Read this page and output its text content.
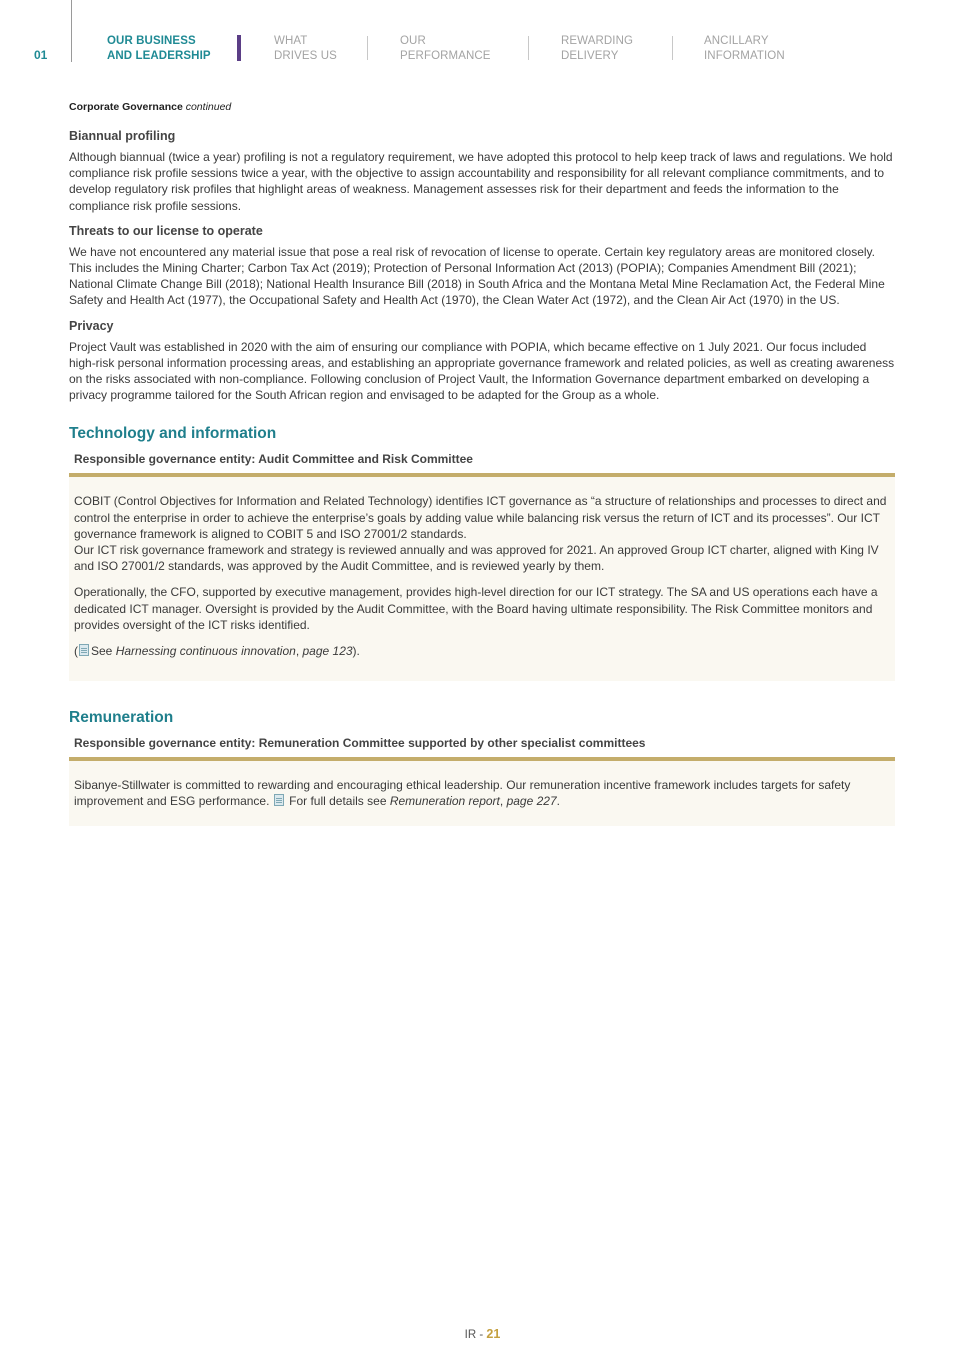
01
OUR BUSINESS
AND LEADERSHIP
WHAT
DRIVES US
OUR
PERFORMANCE
REWARDING
DELIVERY
ANCILLARY
INFORMATION
Corporate Governance continued
Biannual profiling

Although biannual (twice a year) profiling is not a regulatory requirement, we have adopted this protocol to help keep track of laws and regulations. We hold compliance risk profile sessions twice a year, with the objective to assign accountability and responsibility for all relevant compliance commitments, and to develop regulatory risk profiles that highlight areas of weakness. Management assesses risk for their department and feeds the information to the compliance risk profile sessions.

Threats to our license to operate

We have not encountered any material issue that pose a real risk of revocation of license to operate. Certain key regulatory areas are monitored closely. This includes the Mining Charter; Carbon Tax Act (2019); Protection of Personal Information Act (2013) (POPIA); Companies Amendment Bill (2021); National Climate Change Bill (2018); National Health Insurance Bill (2018) in South Africa and the Montana Metal Mine Reclamation Act, the Federal Mine Safety and Health Act (1977), the Occupational Safety and Health Act (1970), the Clean Water Act (1972), and the Clean Air Act (1970) in the US.

Privacy

Project Vault was established in 2020 with the aim of ensuring our compliance with POPIA, which became effective on 1 July 2021. Our focus included high-risk personal information processing areas, and establishing an appropriate governance framework and related policies, as well as creating awareness on the risks associated with non-compliance. Following conclusion of Project Vault, the Information Governance department embarked on developing a privacy programme tailored for the South African region and envisaged to be adapted for the Group as a whole.

Technology and information
Responsible governance entity: Audit Committee and Risk Committee

COBIT (Control Objectives for Information and Related Technology) identifies ICT governance as “a structure of relationships and processes to direct and control the enterprise in order to achieve the enterprise’s goals by adding value while balancing risk versus the return of ICT and its processes”. Our ICT governance framework is aligned to COBIT 5 and ISO 27001/2 standards.
Our ICT risk governance framework and strategy is reviewed annually and was approved for 2021. An approved Group ICT charter, aligned with King IV and ISO 27001/2 standards, was approved by the Audit Committee, and is reviewed yearly by them.

Operationally, the CFO, supported by executive management, provides high-level direction for our ICT strategy. The SA and US operations each have a dedicated ICT manager. Oversight is provided by the Audit Committee, with the Board having ultimate responsibility. The Risk Committee monitors and provides oversight of the ICT risks identified.

( See Harnessing continuous innovation, page 123).

Remuneration
Responsible governance entity: Remuneration Committee supported by other specialist committees

Sibanye-Stillwater is committed to rewarding and encouraging ethical leadership. Our remuneration incentive framework includes targets for safety improvement and ESG performance. For full details see Remuneration report, page 227.

IR - 21
